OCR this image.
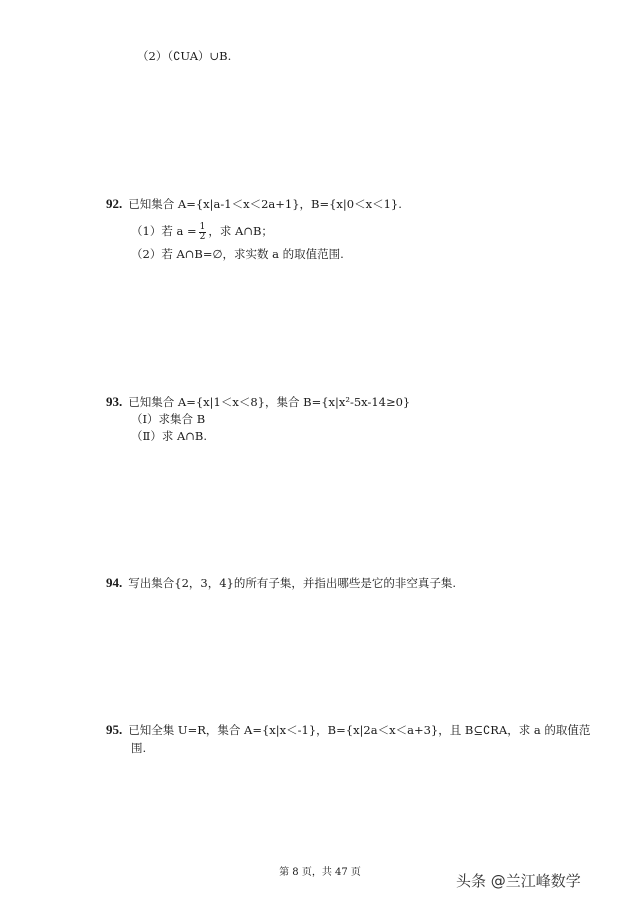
（2）（∁UA）∪B.
92. 已知集合 A={x|a-1＜x＜2a+1}，B={x|0＜x＜1}.
（1）若 $a = \frac{1}{2}$ ，求 A∩B；
（2）若 A∩B=∅，求实数 a 的取值范围.
93. 已知集合 A={x|1＜x＜8}，集合 B={x|x²-5x-14≥0}
（Ⅰ）求集合 B
（Ⅱ）求 A∩B.
94. 写出集合{2，3，4}的所有子集，并指出哪些是它的非空真子集.
95. 已知全集 U=R，集合 A={x|x＜-1}，B={x|2a＜x＜a+3}，且 B⊆∁RA，求 a 的取值范
围.
第 8 页，共 47 页	头条 @兰江峰数学
